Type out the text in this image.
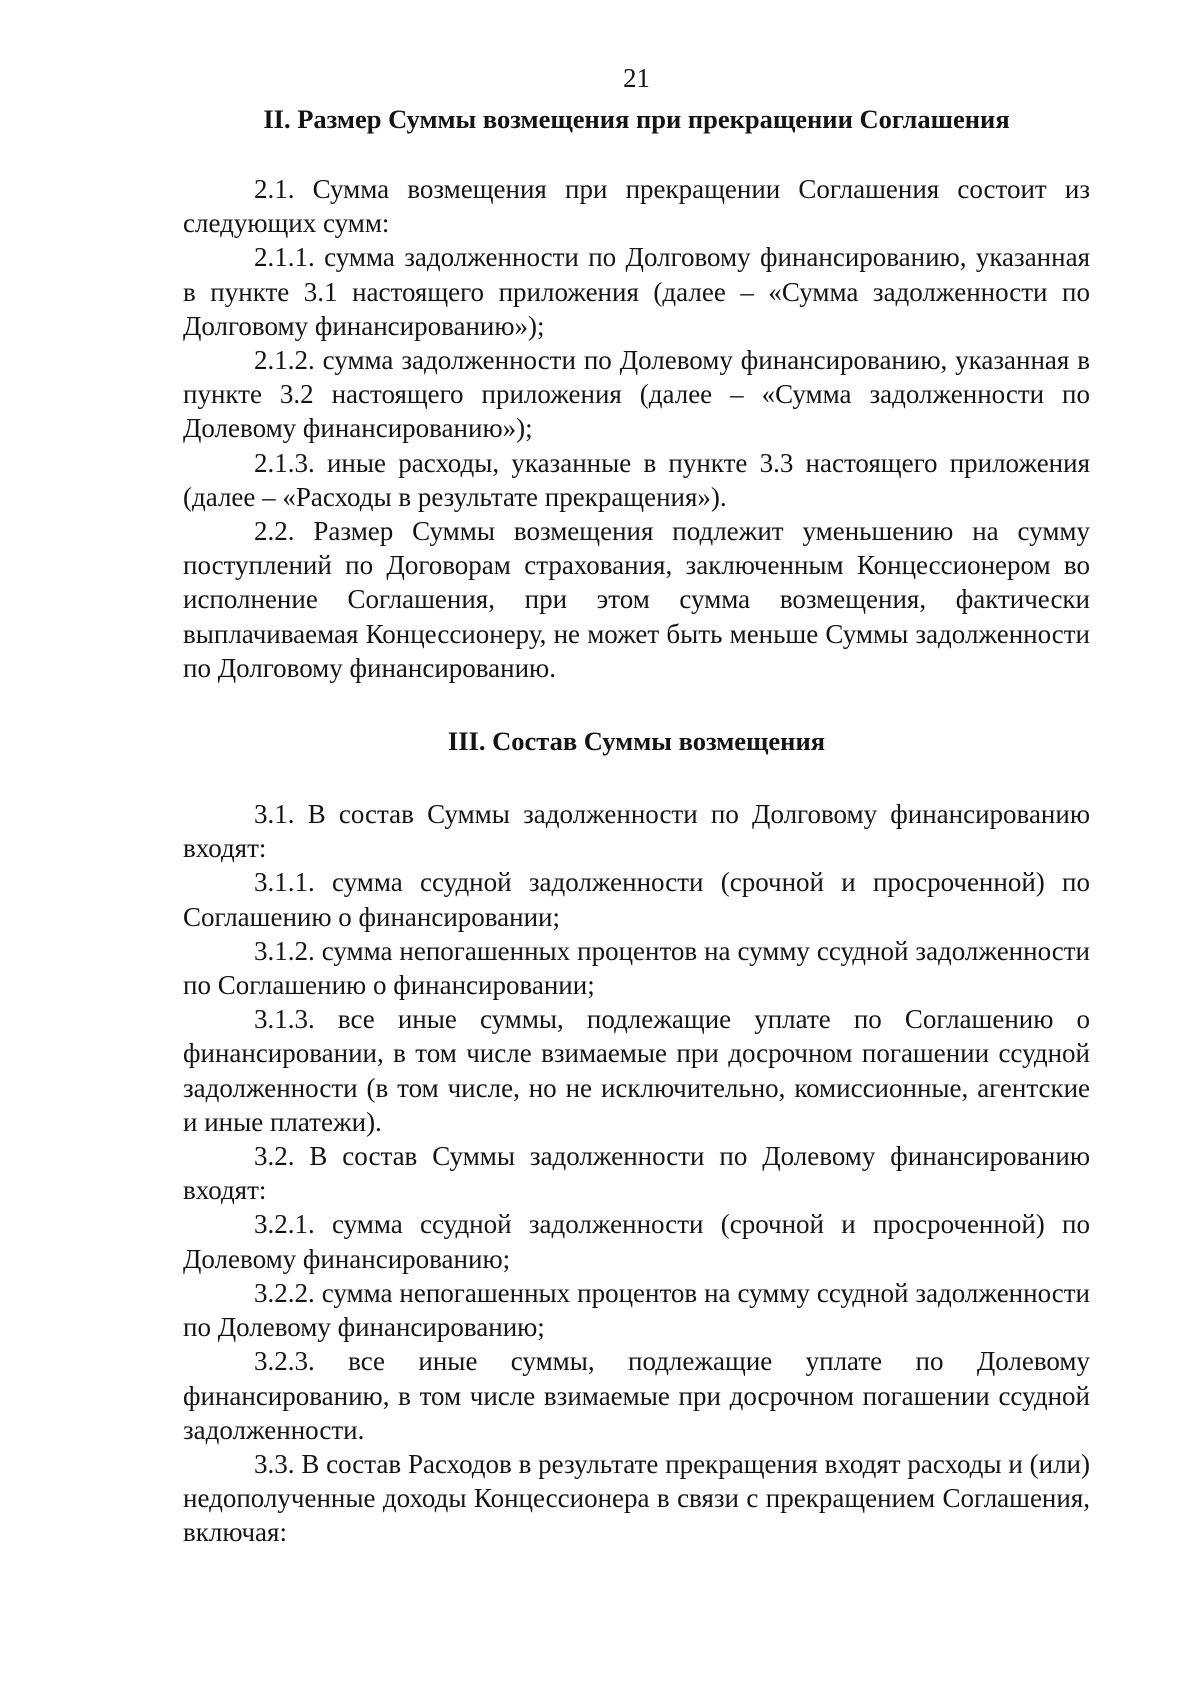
21
II. Размер Суммы возмещения при прекращении Соглашения

2.1. Сумма возмещения при прекращении Соглашения состоит из следующих сумм:

2.1.1. сумма задолженности по Долговому финансированию, указанная в пункте 3.1 настоящего приложения (далее – «Сумма задолженности по Долговому финансированию»);

2.1.2. сумма задолженности по Долевому финансированию, указанная в пункте 3.2 настоящего приложения (далее – «Сумма задолженности по Долевому финансированию»);

2.1.3. иные расходы, указанные в пункте 3.3 настоящего приложения (далее – «Расходы в результате прекращения»).

2.2. Размер Суммы возмещения подлежит уменьшению на сумму поступлений по Договорам страхования, заключенным Концессионером во исполнение Соглашения, при этом сумма возмещения, фактически выплачиваемая Концессионеру, не может быть меньше Суммы задолженности по Долговому финансированию.

III. Состав Суммы возмещения

3.1. В состав Суммы задолженности по Долговому финансированию входят:

3.1.1. сумма ссудной задолженности (срочной и просроченной) по Соглашению о финансировании;

3.1.2. сумма непогашенных процентов на сумму ссудной задолженности по Соглашению о финансировании;

3.1.3. все иные суммы, подлежащие уплате по Соглашению о финансировании, в том числе взимаемые при досрочном погашении ссудной задолженности (в том числе, но не исключительно, комиссионные, агентские и иные платежи).

3.2. В состав Суммы задолженности по Долевому финансированию входят:

3.2.1. сумма ссудной задолженности (срочной и просроченной) по Долевому финансированию;

3.2.2. сумма непогашенных процентов на сумму ссудной задолженности по Долевому финансированию;

3.2.3. все иные суммы, подлежащие уплате по Долевому финансированию, в том числе взимаемые при досрочном погашении ссудной задолженности.

3.3. В состав Расходов в результате прекращения входят расходы и (или) недополученные доходы Концессионера в связи с прекращением Соглашения, включая:
